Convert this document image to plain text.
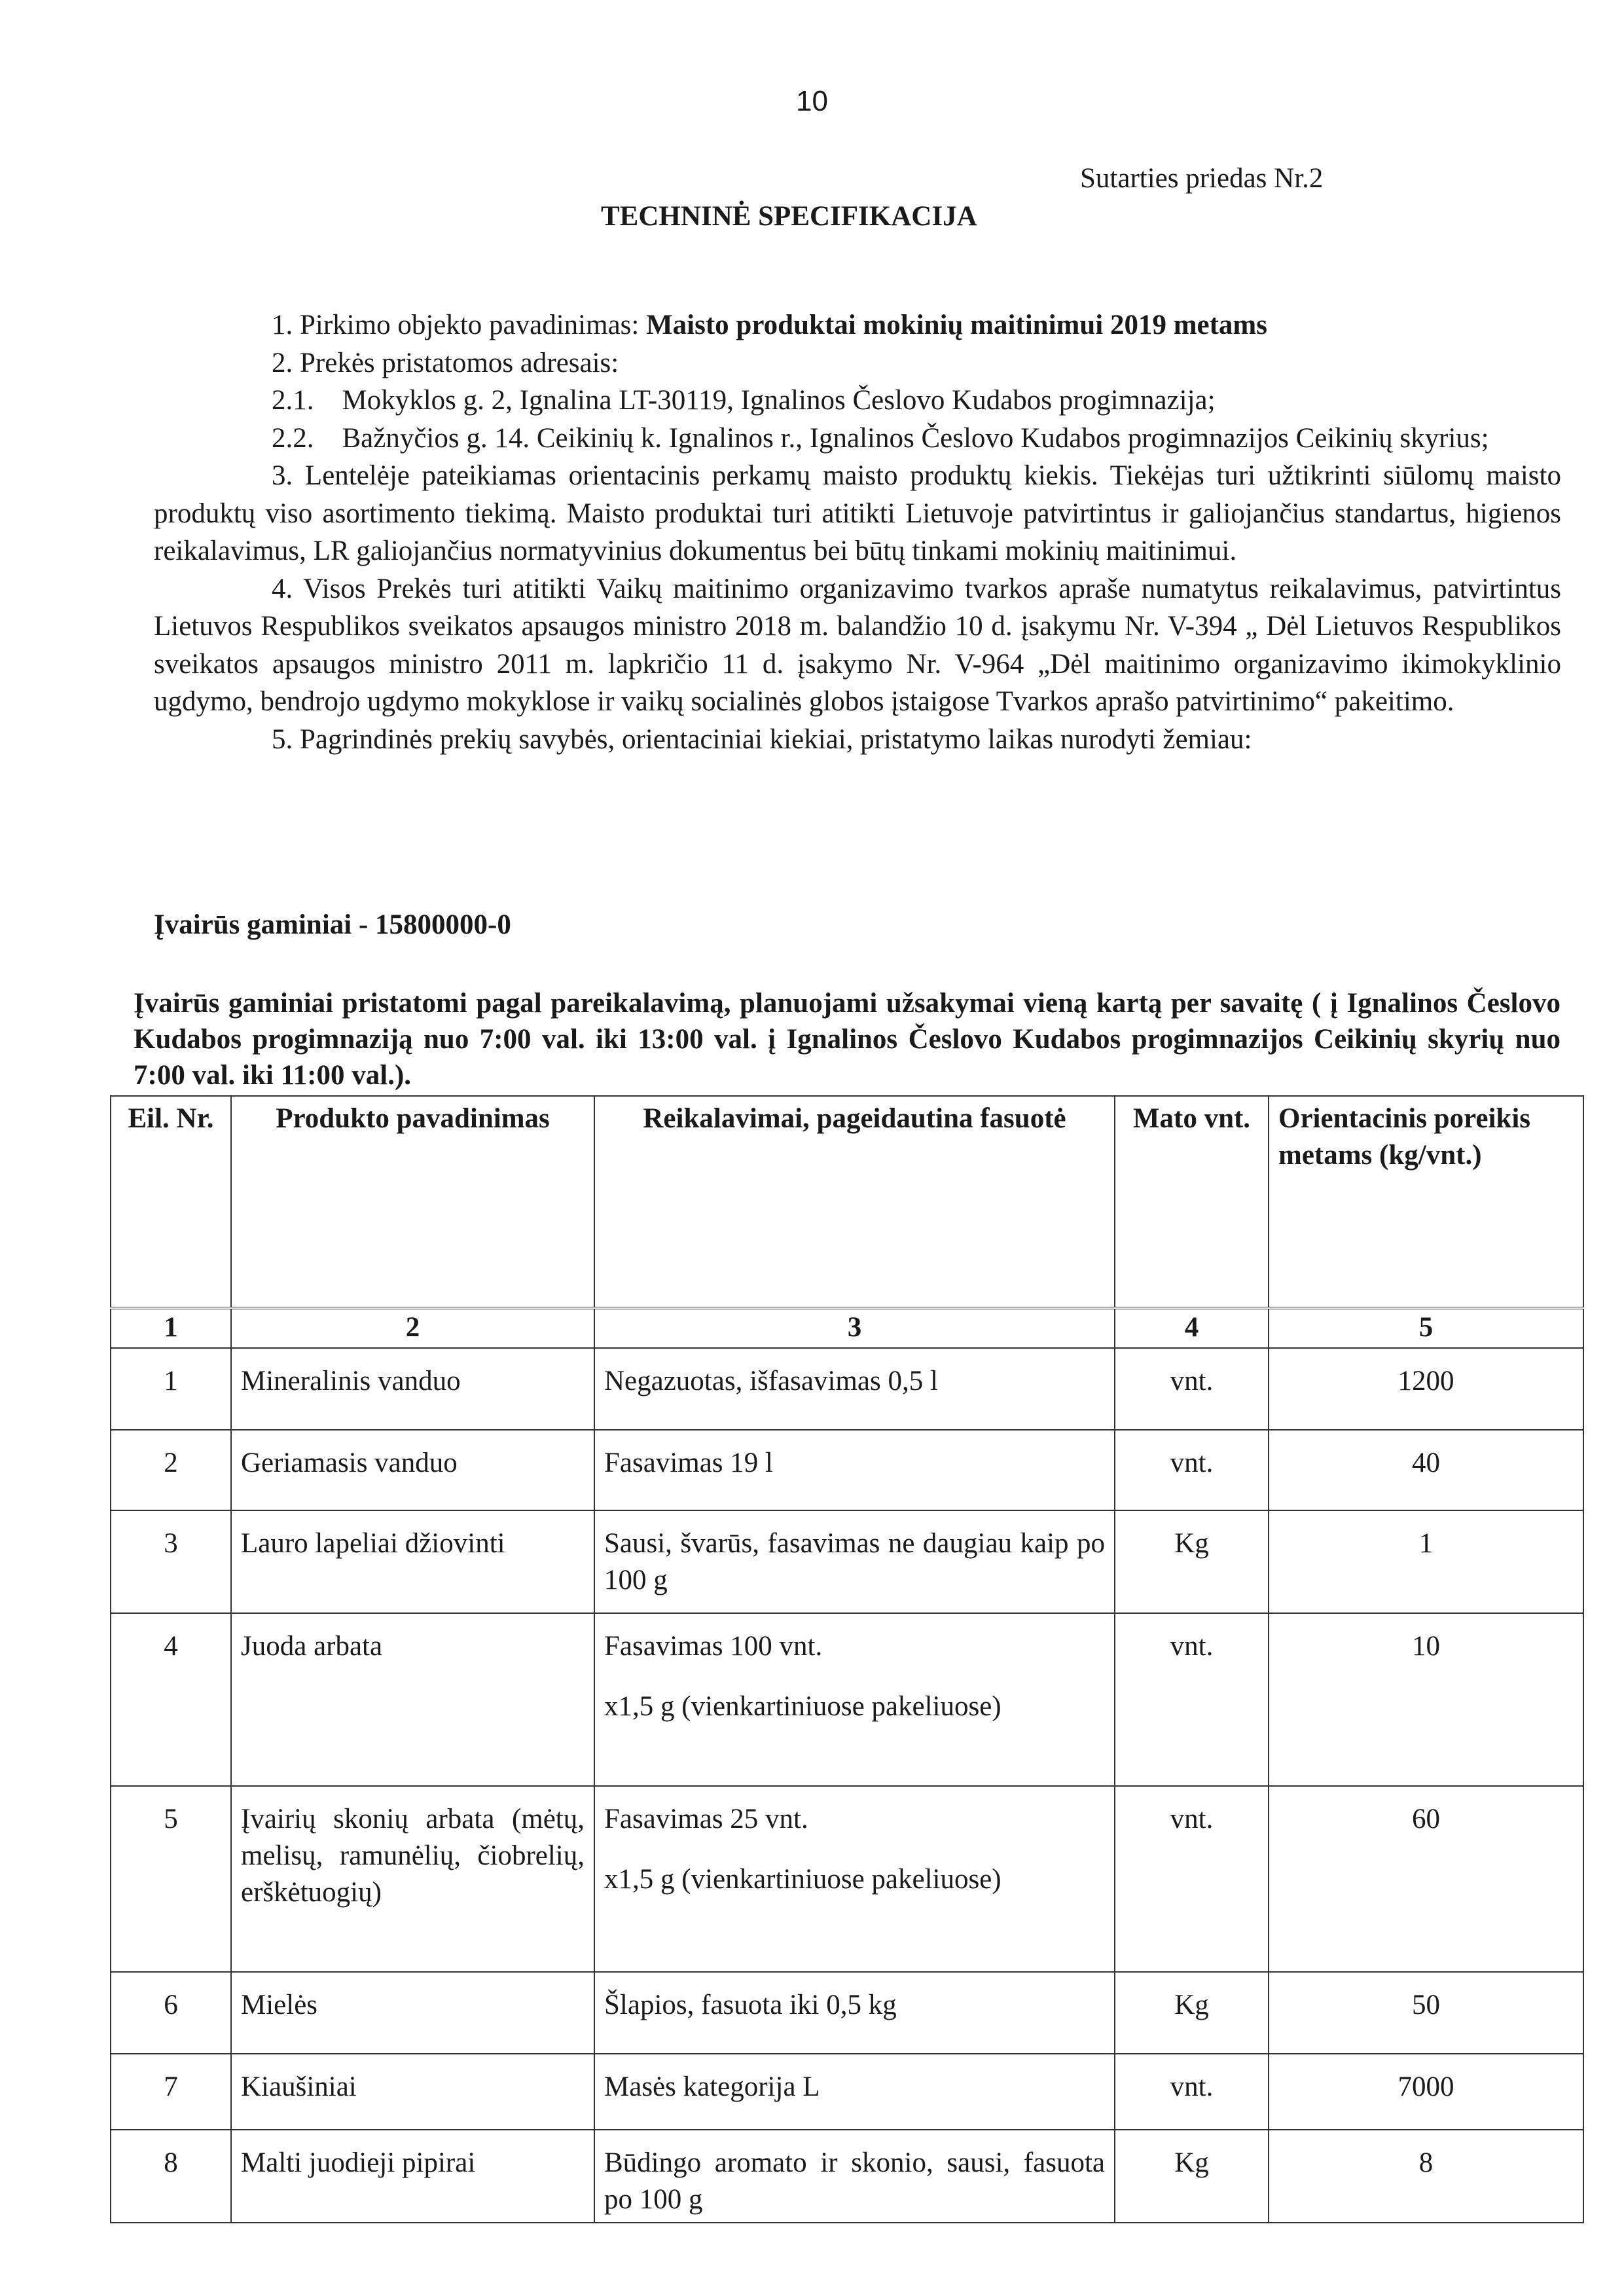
10
Sutarties priedas Nr.2
TECHNINĖ SPECIFIKACIJA

1. Pirkimo objekto pavadinimas: Maisto produktai mokinių maitinimui 2019 metams

2. Prekės pristatomos adresais:

2.1. Mokyklos g. 2, Ignalina LT-30119, Ignalinos Česlovo Kudabos progimnazija;

2.2. Bažnyčios g. 14. Ceikinių k. Ignalinos r., Ignalinos Česlovo Kudabos progimnazijos Ceikinių skyrius;

3. Lentelėje pateikiamas orientacinis perkamų maisto produktų kiekis. Tiekėjas turi užtikrinti siūlomų maisto produktų viso asortimento tiekimą. Maisto produktai turi atitikti Lietuvoje patvirtintus ir galiojančius standartus, higienos reikalavimus, LR galiojančius normatyvinius dokumentus bei būtų tinkami mokinių maitinimui.

4. Visos Prekės turi atitikti Vaikų maitinimo organizavimo tvarkos apraše numatytus reikalavimus, patvirtintus Lietuvos Respublikos sveikatos apsaugos ministro 2018 m. balandžio 10 d. įsakymu Nr. V-394 „ Dėl Lietuvos Respublikos sveikatos apsaugos ministro 2011 m. lapkričio 11 d. įsakymo Nr. V-964 „Dėl maitinimo organizavimo ikimokyklinio ugdymo, bendrojo ugdymo mokyklose ir vaikų socialinės globos įstaigose Tvarkos aprašo patvirtinimo“ pakeitimo.

5. Pagrindinės prekių savybės, orientaciniai kiekiai, pristatymo laikas nurodyti žemiau:

Įvairūs gaminiai - 15800000-0
Įvairūs gaminiai pristatomi pagal pareikalavimą, planuojami užsakymai vieną kartą per savaitę ( į Ignalinos Česlovo Kudabos progimnaziją nuo 7:00 val. iki 13:00 val. į Ignalinos Česlovo Kudabos progimnazijos Ceikinių skyrių nuo 7:00 val. iki 11:00 val.).
Eil. Nr.	Produkto pavadinimas	Reikalavimai, pageidautina fasuotė	Mato vnt.	Orientacinis poreikis metams (kg/vnt.)
1	2	3	4	5
1	Mineralinis vanduo	Negazuotas, išfasavimas 0,5 l	vnt.	1200
2	Geriamasis vanduo	Fasavimas 19 l	vnt.	40
3	Lauro lapeliai džiovinti	Sausi, švarūs, fasavimas ne daugiau kaip po 100 g	Kg	1
4	Juoda arbata	Fasavimas 100 vnt.
x1,5 g (vienkartiniuose pakeliuose)	vnt.	10
5	Įvairių skonių arbata (mėtų, melisų, ramunėlių, čiobrelių, erškėtuogių)	Fasavimas 25 vnt.
x1,5 g (vienkartiniuose pakeliuose)	vnt.	60
6	Mielės	Šlapios, fasuota iki 0,5 kg	Kg	50
7	Kiaušiniai	Masės kategorija L	vnt.	7000
8	Malti juodieji pipirai	Būdingo aromato ir skonio, sausi, fasuota po 100 g	Kg	8
